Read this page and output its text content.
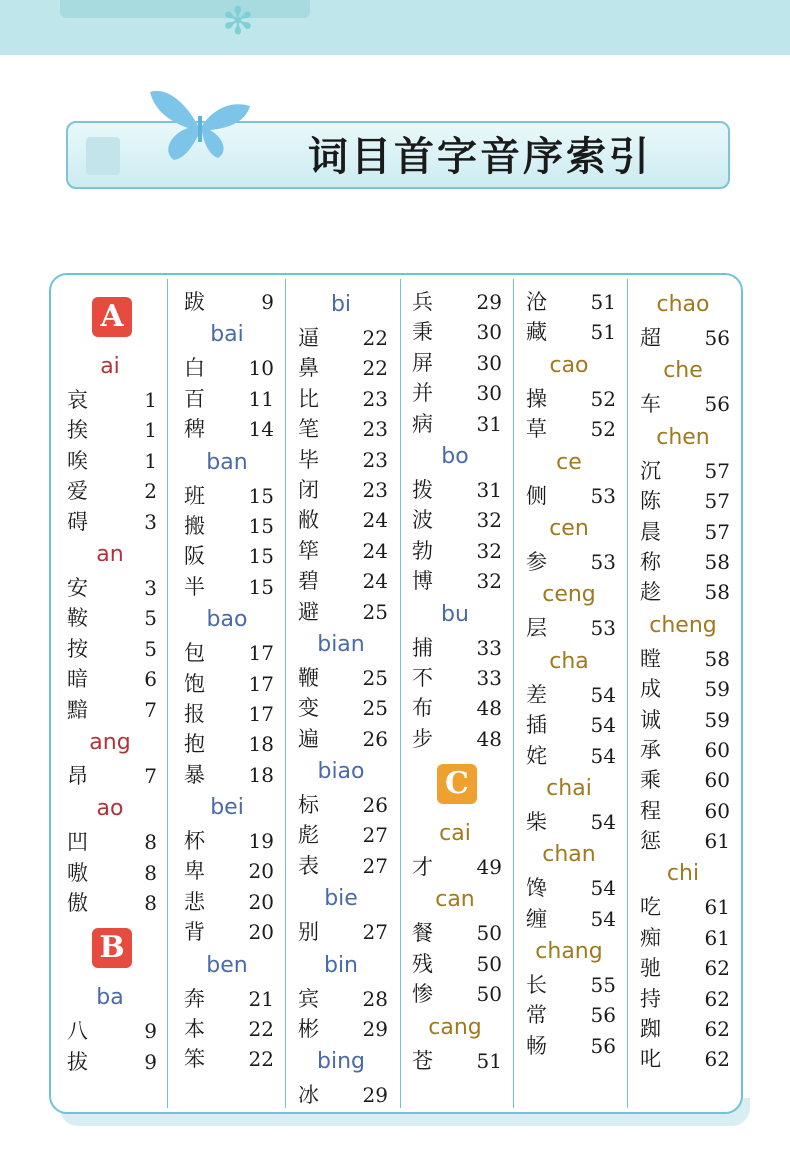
✻
词目首字音序索引
A
ai
哀	1
挨	1
唉	1
爱	2
碍	3
an
安	3
鞍	5
按	5
暗	6
黯	7
ang
昂	7
ao
凹	8
嗷	8
傲	8
B
ba
八	9
拔	9
跋	9
bai
白 10
百 11
稗 14
ban
班 15
搬 15
阪 15
半 15
bao
包 17
饱 17
报 17
抱 18
暴 18
bei
杯 19
卑 20
悲 20
背 20
ben
奔 21
本 22
笨 22
bi
逼 22
鼻 22
比 23
笔 23
毕 23
闭 23
敝 24
筚 24
碧 24
避 25
bian
鞭 25
变 25
遍 26
biao
标 26
彪 27
表 27
bie
别 27
bin
宾 28
彬 29
bing
冰 29
兵 29
秉 30
屏 30
并 30
病 31
bo
拨 31
波 32
勃 32
博 32
bu
捕 33
不 33
布 48
步 48
C
cai
才 49
can
餐 50
残 50
惨 50
cang
苍 51
沧 51
藏 51
cao
操 52
草 52
ce
侧 53
cen
参 53
ceng
层 53
cha
差 54
插 54
姹 54
chai
柴 54
chan
馋 54
缠 54
chang
长 55
常 56
畅 56
chao
超 56
che
车 56
chen
沉 57
陈 57
晨 57
称 58
趁 58
cheng
瞠 58
成 59
诚 59
承 60
乘 60
程 60
惩 61
chi
吃 61
痴 61
驰 62
持 62
踟 62
叱 62
